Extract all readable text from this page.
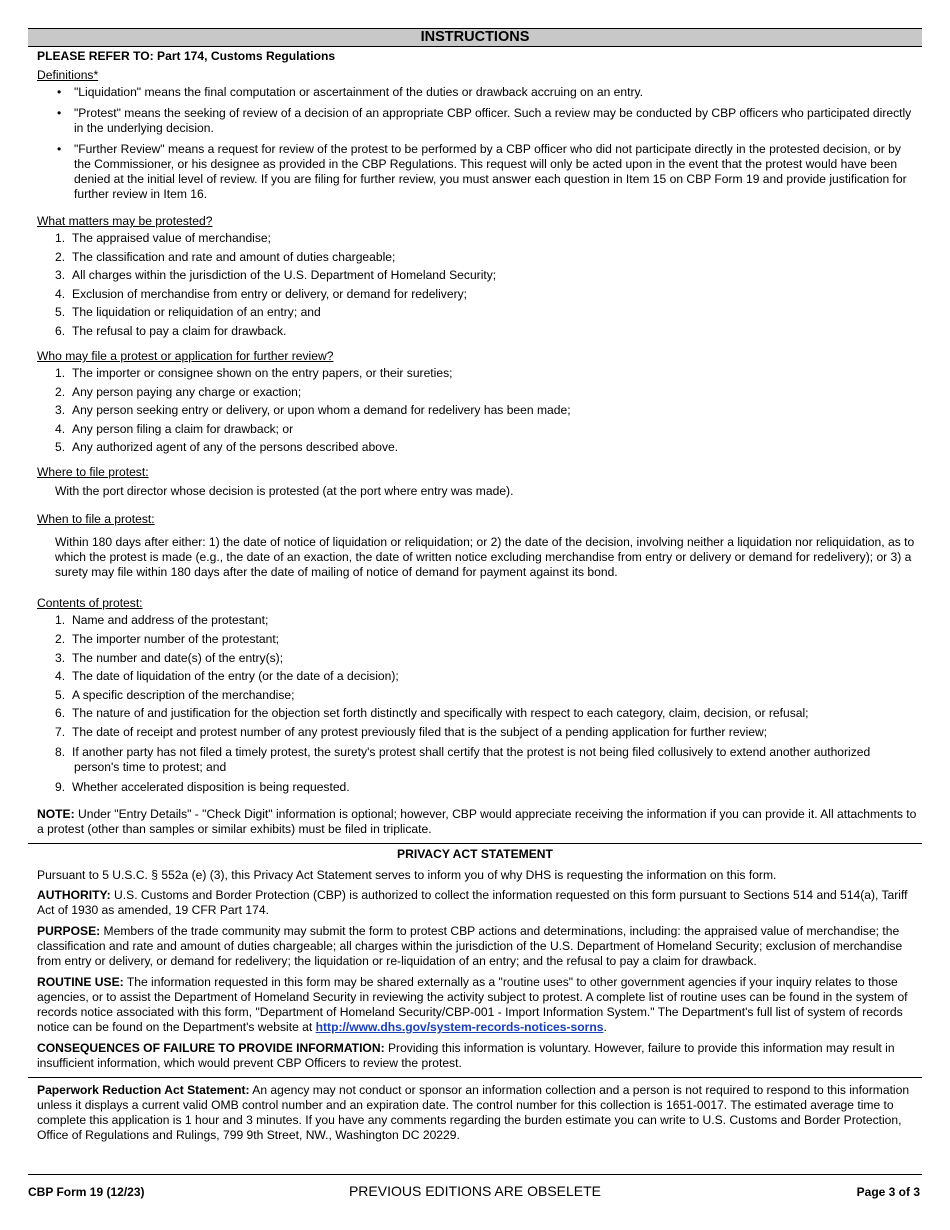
INSTRUCTIONS
PLEASE REFER TO: Part 174, Customs Regulations
Definitions*
• "Liquidation" means the final computation or ascertainment of the duties or drawback accruing on an entry.
• "Protest" means the seeking of review of a decision of an appropriate CBP officer. Such a review may be conducted by CBP officers who participated directly in the underlying decision.
• "Further Review" means a request for review of the protest to be performed by a CBP officer who did not participate directly in the protested decision, or by the Commissioner, or his designee as provided in the CBP Regulations. This request will only be acted upon in the event that the protest would have been denied at the initial level of review. If you are filing for further review, you must answer each question in Item 15 on CBP Form 19 and provide justification for further review in Item 16.
What matters may be protested?
1. The appraised value of merchandise;
2. The classification and rate and amount of duties chargeable;
3. All charges within the jurisdiction of the U.S. Department of Homeland Security;
4. Exclusion of merchandise from entry or delivery, or demand for redelivery;
5. The liquidation or reliquidation of an entry; and
6. The refusal to pay a claim for drawback.
Who may file a protest or application for further review?
1. The importer or consignee shown on the entry papers, or their sureties;
2. Any person paying any charge or exaction;
3. Any person seeking entry or delivery, or upon whom a demand for redelivery has been made;
4. Any person filing a claim for drawback; or
5. Any authorized agent of any of the persons described above.
Where to file protest:
With the port director whose decision is protested (at the port where entry was made).
When to file a protest:
Within 180 days after either: 1) the date of notice of liquidation or reliquidation; or 2) the date of the decision, involving neither a liquidation nor reliquidation, as to which the protest is made (e.g., the date of an exaction, the date of written notice excluding merchandise from entry or delivery or demand for redelivery); or 3) a surety may file within 180 days after the date of mailing of notice of demand for payment against its bond.
Contents of protest:
1. Name and address of the protestant;
2. The importer number of the protestant;
3. The number and date(s) of the entry(s);
4. The date of liquidation of the entry (or the date of a decision);
5. A specific description of the merchandise;
6. The nature of and justification for the objection set forth distinctly and specifically with respect to each category, claim, decision, or refusal;
7. The date of receipt and protest number of any protest previously filed that is the subject of a pending application for further review;
8. If another party has not filed a timely protest, the surety's protest shall certify that the protest is not being filed collusively to extend another authorized
person's time to protest; and
9. Whether accelerated disposition is being requested.
NOTE: Under "Entry Details" - "Check Digit" information is optional; however, CBP would appreciate receiving the information if you can provide it. All attachments to a protest (other than samples or similar exhibits) must be filed in triplicate.
PRIVACY ACT STATEMENT
Pursuant to 5 U.S.C. § 552a (e) (3), this Privacy Act Statement serves to inform you of why DHS is requesting the information on this form.
AUTHORITY: U.S. Customs and Border Protection (CBP) is authorized to collect the information requested on this form pursuant to Sections 514 and 514(a), Tariff Act of 1930 as amended, 19 CFR Part 174.
PURPOSE: Members of the trade community may submit the form to protest CBP actions and determinations, including: the appraised value of merchandise; the classification and rate and amount of duties chargeable; all charges within the jurisdiction of the U.S. Department of Homeland Security; exclusion of merchandise from entry or delivery, or demand for redelivery; the liquidation or re-liquidation of an entry; and the refusal to pay a claim for drawback.
ROUTINE USE: The information requested in this form may be shared externally as a "routine uses" to other government agencies if your inquiry relates to those agencies, or to assist the Department of Homeland Security in reviewing the activity subject to protest. A complete list of routine uses can be found in the system of records notice associated with this form, "Department of Homeland Security/CBP-001 - Import Information System." The Department's full list of system of records notice can be found on the Department's website at http://www.dhs.gov/system-records-notices-sorns.
CONSEQUENCES OF FAILURE TO PROVIDE INFORMATION: Providing this information is voluntary. However, failure to provide this information may result in insufficient information, which would prevent CBP Officers to review the protest.
Paperwork Reduction Act Statement: An agency may not conduct or sponsor an information collection and a person is not required to respond to this information unless it displays a current valid OMB control number and an expiration date. The control number for this collection is 1651-0017. The estimated average time to complete this application is 1 hour and 3 minutes. If you have any comments regarding the burden estimate you can write to U.S. Customs and Border Protection, Office of Regulations and Rulings, 799 9th Street, NW., Washington DC 20229.
CBP Form 19 (12/23)	PREVIOUS EDITIONS ARE OBSELETE	Page 3 of 3
